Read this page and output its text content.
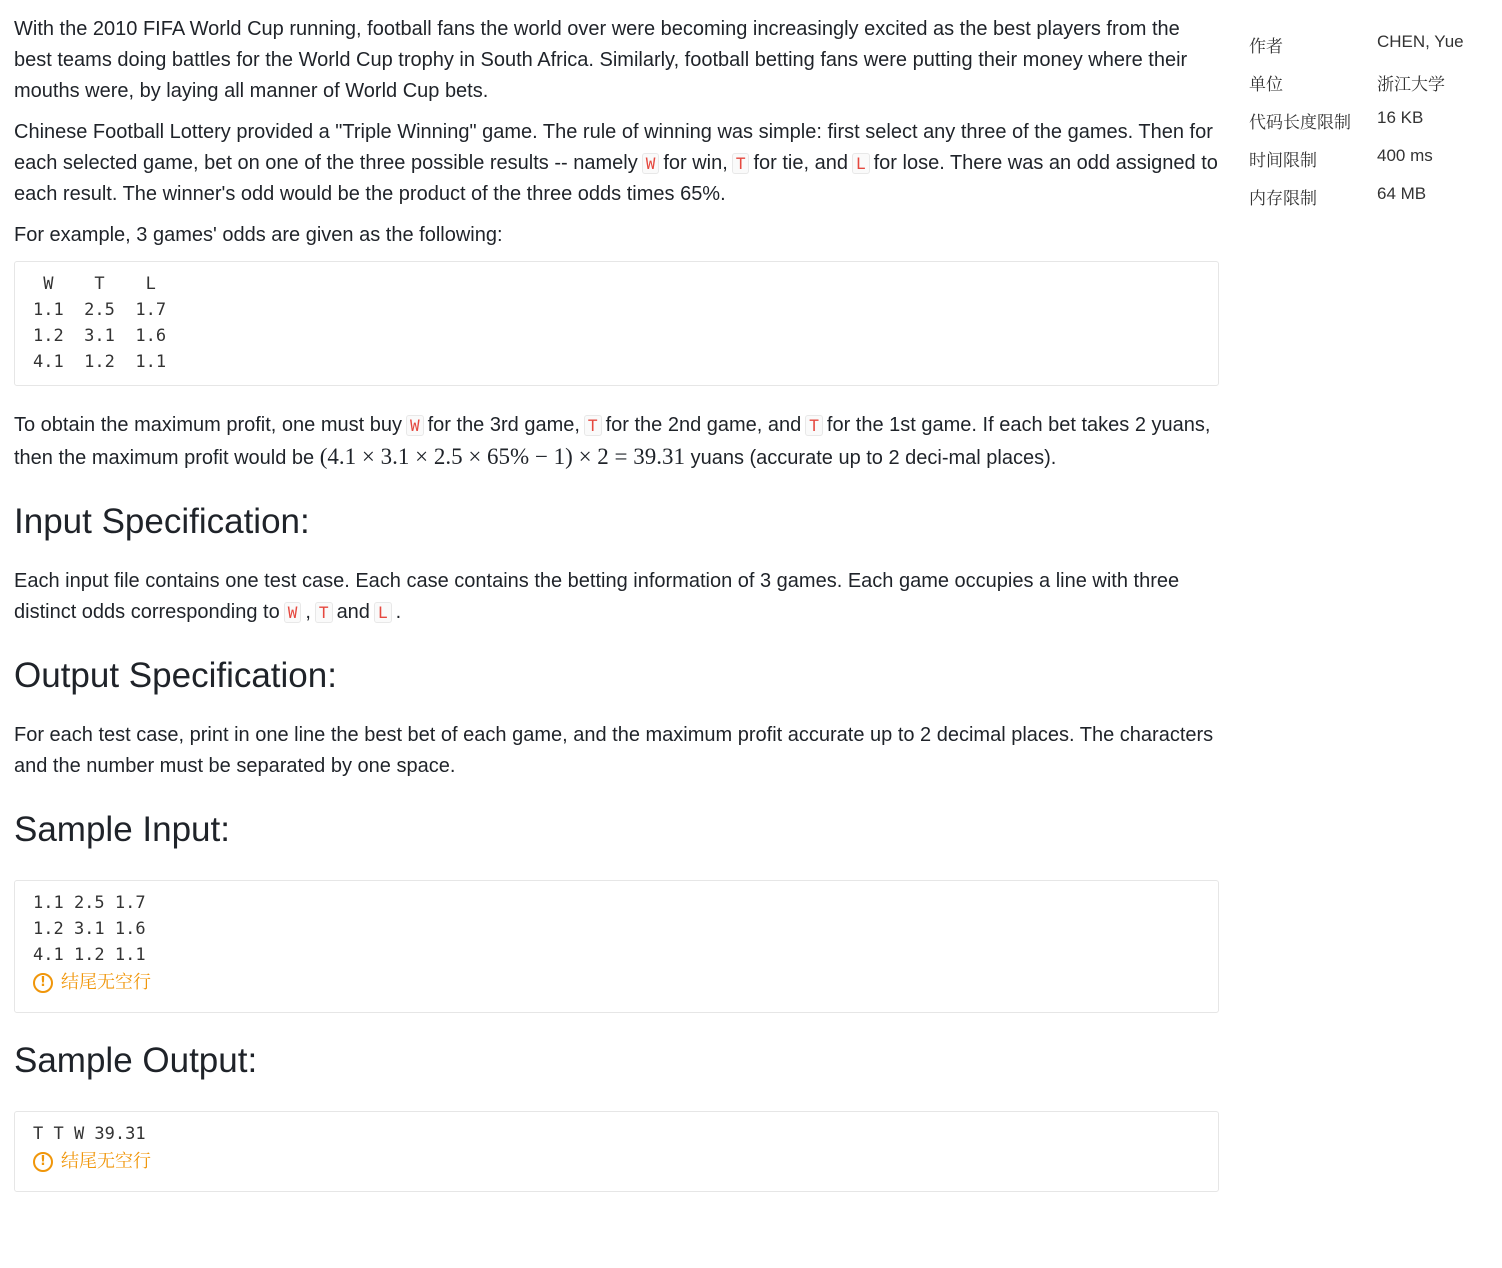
With the 2010 FIFA World Cup running, football fans the world over were becoming increasingly excited as the best players from the best teams doing battles for the World Cup trophy in South Africa. Similarly, football betting fans were putting their money where their mouths were, by laying all manner of World Cup bets.

Chinese Football Lottery provided a "Triple Winning" game. The rule of winning was simple: first select any three of the games. Then for each selected game, bet on one of the three possible results -- namely W for win, T for tie, and L for lose. There was an odd assigned to each result. The winner's odd would be the product of the three odds times 65%.

For example, 3 games' odds are given as the following:

W    T    L
1.1  2.5  1.7
1.2  3.1  1.6
4.1  1.2  1.1

To obtain the maximum profit, one must buy W for the 3rd game, T for the 2nd game, and T for the 1st game. If each bet takes 2 yuans, then the maximum profit would be (4.1 × 3.1 × 2.5 × 65% − 1) × 2 = 39.31 yuans (accurate up to 2 deci-mal places).

Input Specification:

Each input file contains one test case. Each case contains the betting information of 3 games. Each game occupies a line with three distinct odds corresponding to W , T and L .

Output Specification:

For each test case, print in one line the best bet of each game, and the maximum profit accurate up to 2 decimal places. The characters and the number must be separated by one space.

Sample Input:
1.1 2.5 1.7
1.2 3.1 1.6
4.1 1.2 1.1
! 结尾无空行
Sample Output:
T T W 39.31
! 结尾无空行
作者	CHEN, Yue
单位	浙江大学
代码长度限制	16 KB
时间限制	400 ms
内存限制	64 MB
